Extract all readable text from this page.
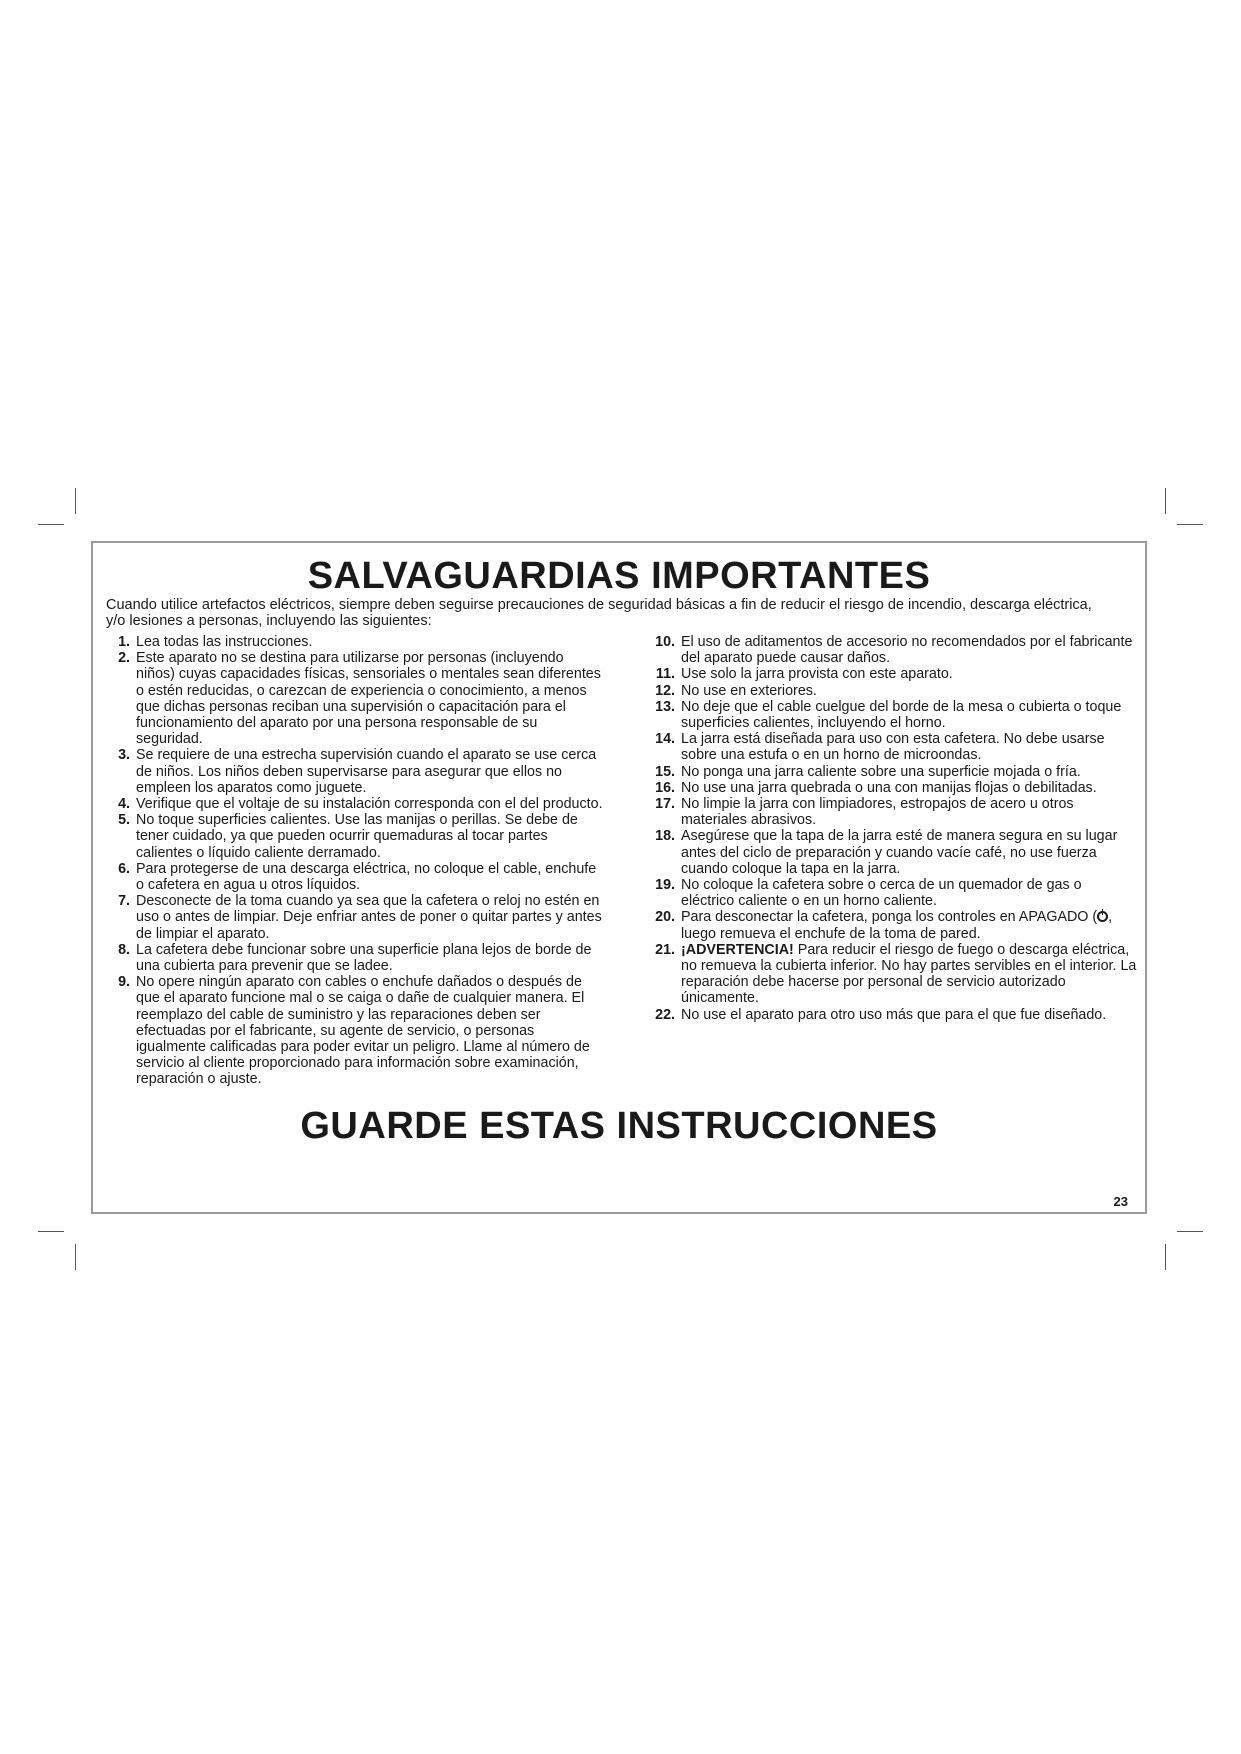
SALVAGUARDIAS IMPORTANTES
Cuando utilice artefactos eléctricos, siempre deben seguirse precauciones de seguridad básicas a fin de reducir el riesgo de incendio, descarga eléctrica, y/o lesiones a personas, incluyendo las siguientes:
1. Lea todas las instrucciones.
2. Este aparato no se destina para utilizarse por personas (incluyendo niños) cuyas capacidades físicas, sensoriales o mentales sean diferentes o estén reducidas, o carezcan de experiencia o conocimiento, a menos que dichas personas reciban una supervisión o capacitación para el funcionamiento del aparato por una persona responsable de su seguridad.
3. Se requiere de una estrecha supervisión cuando el aparato se use cerca de niños. Los niños deben supervisarse para asegurar que ellos no empleen los aparatos como juguete.
4. Verifique que el voltaje de su instalación corresponda con el del producto.
5. No toque superficies calientes. Use las manijas o perillas. Se debe de tener cuidado, ya que pueden ocurrir quemaduras al tocar partes calientes o líquido caliente derramado.
6. Para protegerse de una descarga eléctrica, no coloque el cable, enchufe o cafetera en agua u otros líquidos.
7. Desconecte de la toma cuando ya sea que la cafetera o reloj no estén en uso o antes de limpiar. Deje enfriar antes de poner o quitar partes y antes de limpiar el aparato.
8. La cafetera debe funcionar sobre una superficie plana lejos de borde de una cubierta para prevenir que se ladee.
9. No opere ningún aparato con cables o enchufe dañados o después de que el aparato funcione mal o se caiga o dañe de cualquier manera. El reemplazo del cable de suministro y las reparaciones deben ser efectuadas por el fabricante, su agente de servicio, o personas igualmente calificadas para poder evitar un peligro. Llame al número de servicio al cliente proporcionado para información sobre examinación, reparación o ajuste.
10. El uso de aditamentos de accesorio no recomendados por el fabricante del aparato puede causar daños.
11. Use solo la jarra provista con este aparato.
12. No use en exteriores.
13. No deje que el cable cuelgue del borde de la mesa o cubierta o toque superficies calientes, incluyendo el horno.
14. La jarra está diseñada para uso con esta cafetera. No debe usarse sobre una estufa o en un horno de microondas.
15. No ponga una jarra caliente sobre una superficie mojada o fría.
16. No use una jarra quebrada o una con manijas flojas o debilitadas.
17. No limpie la jarra con limpiadores, estropajos de acero u otros materiales abrasivos.
18. Asegúrese que la tapa de la jarra esté de manera segura en su lugar antes del ciclo de preparación y cuando vacíe café, no use fuerza cuando coloque la tapa en la jarra.
19. No coloque la cafetera sobre o cerca de un quemador de gas o eléctrico caliente o en un horno caliente.
20. Para desconectar la cafetera, ponga los controles en APAGADO ( , luego remueva el enchufe de la toma de pared.
21. ¡ADVERTENCIA! Para reducir el riesgo de fuego o descarga eléctrica, no remueva la cubierta inferior. No hay partes servibles en el interior. La reparación debe hacerse por personal de servicio autorizado únicamente.
22. No use el aparato para otro uso más que para el que fue diseñado.
GUARDE ESTAS INSTRUCCIONES
23
